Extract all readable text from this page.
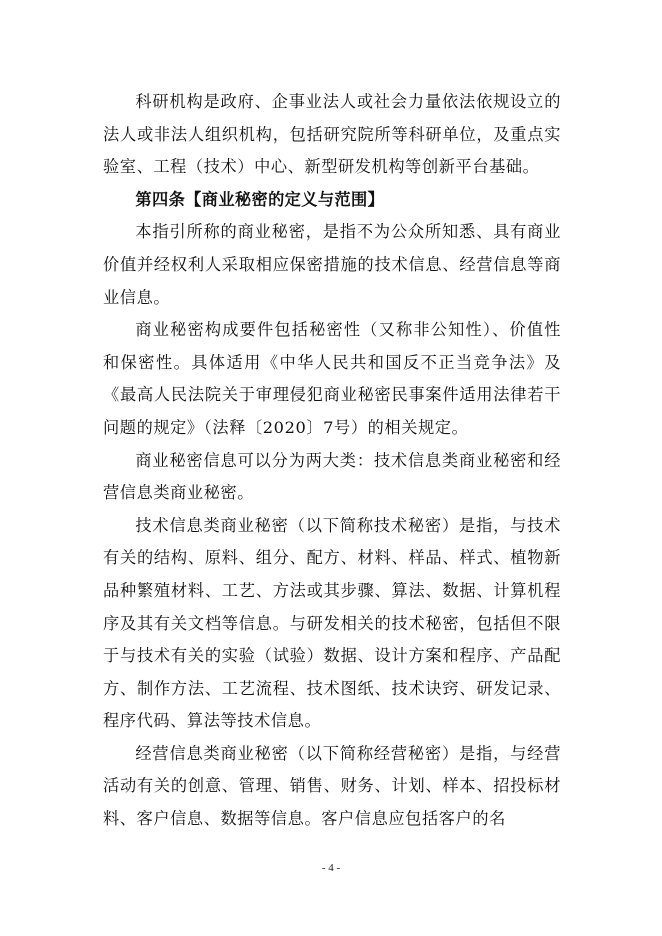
科研机构是政府、企事业法人或社会力量依法依规设立的法人或非法人组织机构，包括研究院所等科研单位，及重点实验室、工程（技术）中心、新型研发机构等创新平台基础。

第四条【商业秘密的定义与范围】

本指引所称的商业秘密，是指不为公众所知悉、具有商业价值并经权利人采取相应保密措施的技术信息、经营信息等商业信息。

商业秘密构成要件包括秘密性（又称非公知性）、价值性和保密性。具体适用《中华人民共和国反不正当竞争法》及《最高人民法院关于审理侵犯商业秘密民事案件适用法律若干问题的规定》（法释〔2020〕7号）的相关规定。

商业秘密信息可以分为两大类：技术信息类商业秘密和经营信息类商业秘密。

技术信息类商业秘密（以下简称技术秘密）是指，与技术有关的结构、原料、组分、配方、材料、样品、样式、植物新品种繁殖材料、工艺、方法或其步骤、算法、数据、计算机程序及其有关文档等信息。与研发相关的技术秘密，包括但不限于与技术有关的实验（试验）数据、设计方案和程序、产品配方、制作方法、工艺流程、技术图纸、技术诀窍、研发记录、程序代码、算法等技术信息。

经营信息类商业秘密（以下简称经营秘密）是指，与经营活动有关的创意、管理、销售、财务、计划、样本、招投标材料、客户信息、数据等信息。客户信息应包括客户的名

- 4 -
